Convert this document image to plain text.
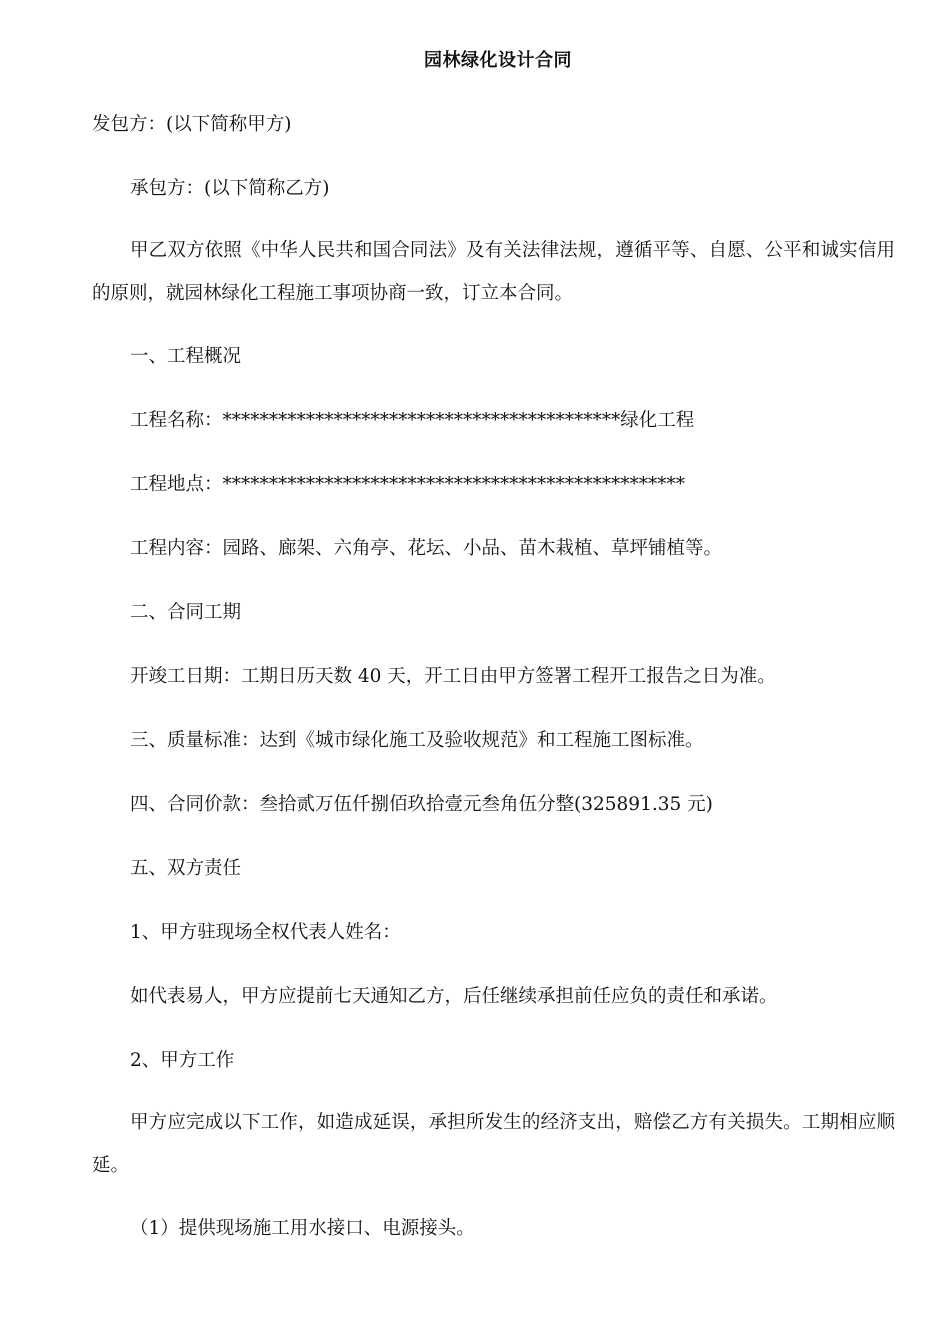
园林绿化设计合同
发包方：(以下简称甲方)
承包方：(以下简称乙方)
甲乙双方依照《中华人民共和国合同法》及有关法律法规，遵循平等、自愿、公平和诚实信用的原则，就园林绿化工程施工事项协商一致，订立本合同。
一、工程概况
工程名称：*******************************************绿化工程
工程地点：**************************************************
工程内容：园路、廊架、六角亭、花坛、小品、苗木栽植、草坪铺植等。
二、合同工期
开竣工日期：工期日历天数 40 天，开工日由甲方签署工程开工报告之日为准。
三、质量标准：达到《城市绿化施工及验收规范》和工程施工图标准。
四、合同价款：叁拾贰万伍仟捌佰玖拾壹元叁角伍分整(325891.35 元)
五、双方责任
1、甲方驻现场全权代表人姓名：
如代表易人，甲方应提前七天通知乙方，后任继续承担前任应负的责任和承诺。
2、甲方工作
甲方应完成以下工作，如造成延误，承担所发生的经济支出，赔偿乙方有关损失。工期相应顺延。
（1）提供现场施工用水接口、电源接头。
